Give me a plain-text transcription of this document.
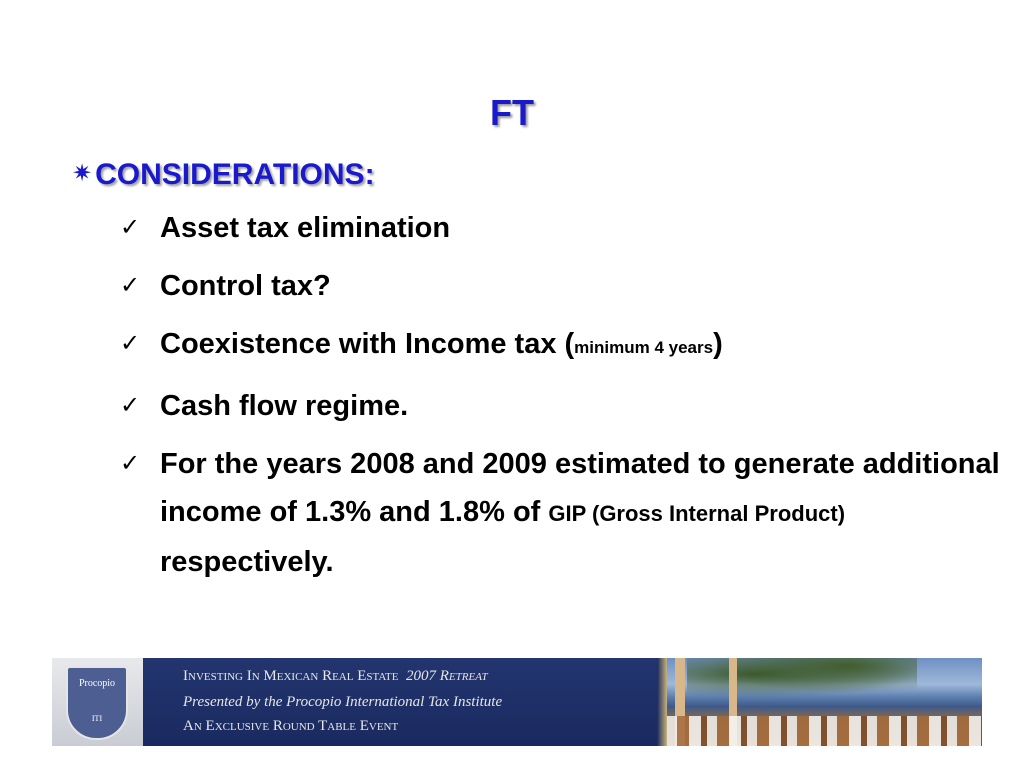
FT
✷ CONSIDERATIONS:
✓ Asset tax elimination
✓ Control tax?
✓ Coexistence with Income tax (minimum 4 years)
✓ Cash flow regime.
✓ For the years 2008 and 2009 estimated to generate additional income of 1.3% and 1.8% of GIP (Gross Internal Product) respectively.
Procopio
ITI
Investing In Mexican Real Estate 2007 Retreat
Presented by the Procopio International Tax Institute
An Exclusive Round Table Event
